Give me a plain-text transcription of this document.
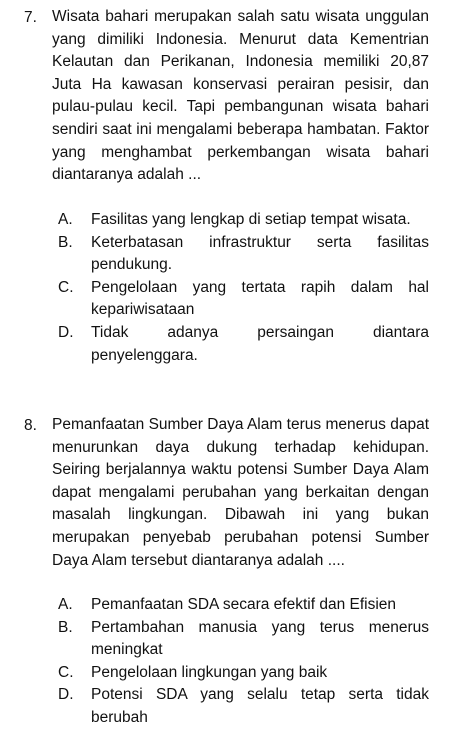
7. Wisata bahari merupakan salah satu wisata unggulan yang dimiliki Indonesia. Menurut data Kementrian Kelautan dan Perikanan, Indonesia memiliki 20,87 Juta Ha kawasan konservasi perairan pesisir, dan pulau-pulau kecil. Tapi pembangunan wisata bahari sendiri saat ini mengalami beberapa hambatan. Faktor yang menghambat perkembangan wisata bahari diantaranya adalah ...

A.	Fasilitas yang lengkap di setiap tempat wisata.
B.	Keterbatasan infrastruktur serta fasilitas pendukung.
C.	Pengelolaan yang tertata rapih dalam hal kepariwisataan
D.	Tidak adanya persaingan diantara penyelenggara.
8. Pemanfaatan Sumber Daya Alam terus menerus dapat menurunkan daya dukung terhadap kehidupan. Seiring berjalannya waktu potensi Sumber Daya Alam dapat mengalami perubahan yang berkaitan dengan masalah lingkungan. Dibawah ini yang bukan merupakan penyebab perubahan potensi Sumber Daya Alam tersebut diantaranya adalah ....

A.	Pemanfaatan SDA secara efektif dan Efisien
B.	Pertambahan manusia yang terus menerus meningkat
C.	Pengelolaan lingkungan yang baik
D.	Potensi SDA yang selalu tetap serta tidak berubah
